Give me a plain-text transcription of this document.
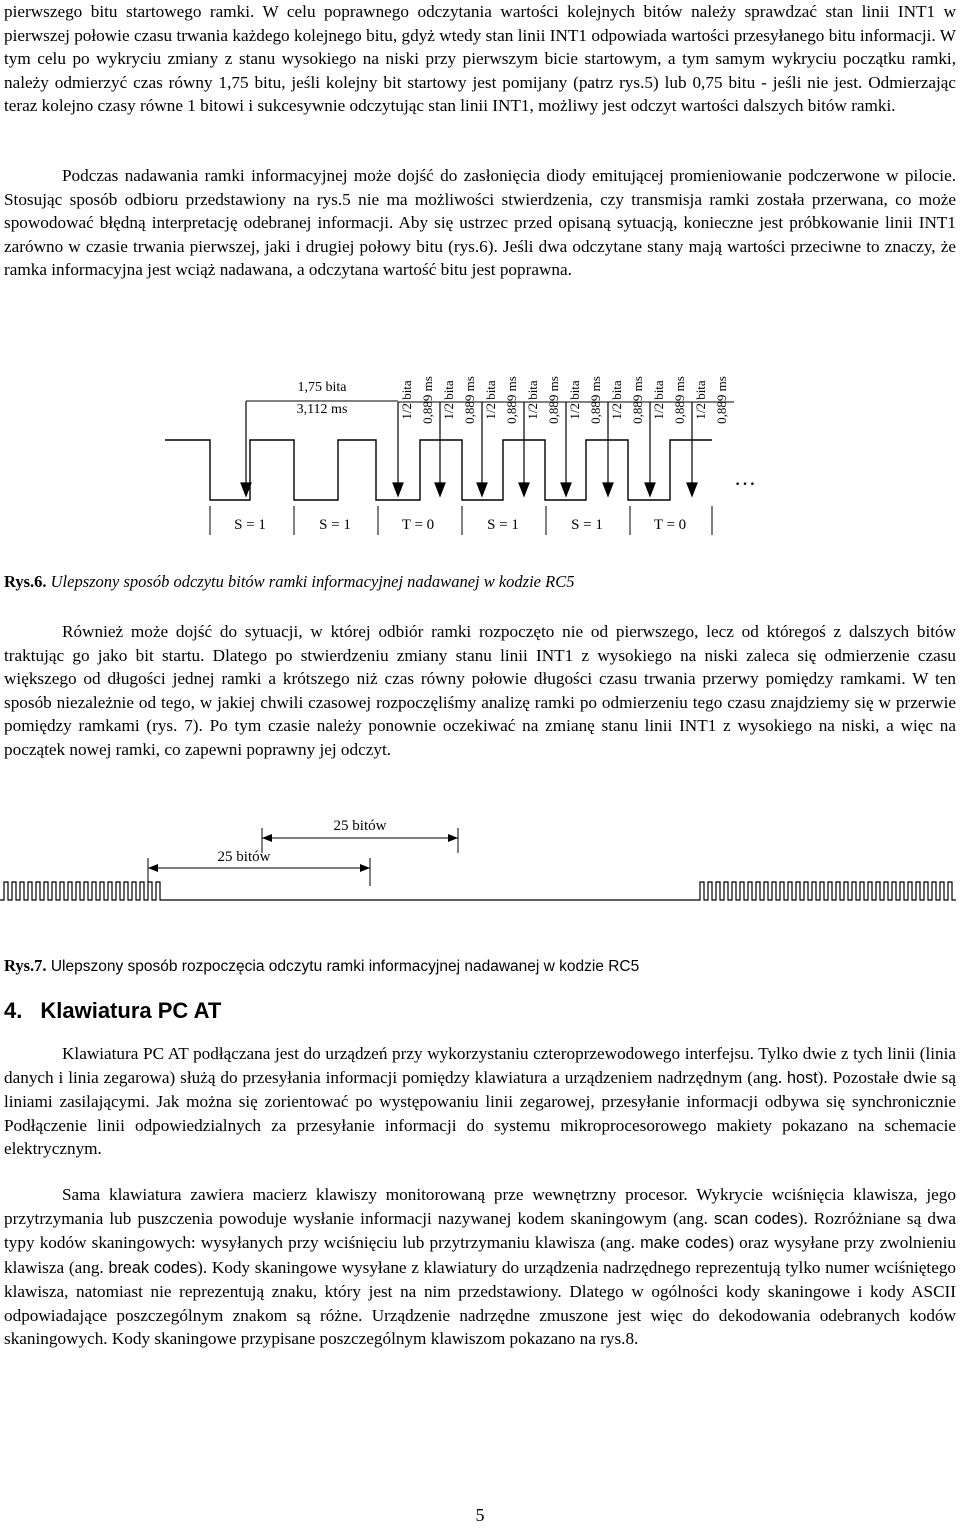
pierwszego bitu startowego ramki. W celu poprawnego odczytania wartości kolejnych bitów należy sprawdzać stan linii INT1 w pierwszej połowie czasu trwania każdego kolejnego bitu, gdyż wtedy stan linii INT1 odpowiada wartości przesyłanego bitu informacji. W tym celu po wykryciu zmiany z stanu wysokiego na niski przy pierwszym bicie startowym, a tym samym wykryciu początku ramki, należy odmierzyć czas równy 1,75 bitu, jeśli kolejny bit startowy jest pomijany (patrz rys.5) lub 0,75 bitu - jeśli nie jest. Odmierzając teraz kolejno czasy równe 1 bitowi i sukcesywnie odczytując stan linii INT1, możliwy jest odczyt wartości dalszych bitów ramki.

Podczas nadawania ramki informacyjnej może dojść do zasłonięcia diody emitującej promieniowanie podczerwone w pilocie. Stosując sposób odbioru przedstawiony na rys.5 nie ma możliwości stwierdzenia, czy transmisja ramki została przerwana, co może spowodować błędną interpretację odebranej informacji. Aby się ustrzec przed opisaną sytuacją, konieczne jest próbkowanie linii INT1 zarówno w czasie trwania pierwszej, jaki i drugiej połowy bitu (rys.6). Jeśli dwa odczytane stany mają wartości przeciwne to znaczy, że ramka informacyjna jest wciąż nadawana, a odczytana wartość bitu jest poprawna.

1,75 bita
3,112 ms	1/2 bita 0,889 ms 1/2 bita 0,889 ms 1/2 bita 0,889 ms 1/2 bita 0,889 ms 1/2 bita 0,889 ms 1/2 bita 0,889 ms 1/2 bita 0,889 ms 1/2 bita 0,889 ms
…
S = 1	S = 1	T = 0	S = 1	S = 1	T = 0

Rys.6. Ulepszony sposób odczytu bitów ramki informacyjnej nadawanej w kodzie RC5

Również może dojść do sytuacji, w której odbiór ramki rozpoczęto nie od pierwszego, lecz od któregoś z dalszych bitów traktując go jako bit startu. Dlatego po stwierdzeniu zmiany stanu linii INT1 z wysokiego na niski zaleca się odmierzenie czasu większego od długości jednej ramki a krótszego niż czas równy połowie długości czasu trwania przerwy pomiędzy ramkami. W ten sposób niezależnie od tego, w jakiej chwili czasowej rozpoczęliśmy analizę ramki po odmierzeniu tego czasu znajdziemy się w przerwie pomiędzy ramkami (rys. 7). Po tym czasie należy ponownie oczekiwać na zmianę stanu linii INT1 z wysokiego na niski, a więc na początek nowej ramki, co zapewni poprawny jej odczyt.

25 bitów
25 bitów

Rys.7. Ulepszony sposób rozpoczęcia odczytu ramki informacyjnej nadawanej w kodzie RC5

4. Klawiatura PC AT

Klawiatura PC AT podłączana jest do urządzeń przy wykorzystaniu czteroprzewodowego interfejsu. Tylko dwie z tych linii (linia danych i linia zegarowa) służą do przesyłania informacji pomiędzy klawiatura a urządzeniem nadrzędnym (ang. host). Pozostałe dwie są liniami zasilającymi. Jak można się zorientować po występowaniu linii zegarowej, przesyłanie informacji odbywa się synchronicznie Podłączenie linii odpowiedzialnych za przesyłanie informacji do systemu mikroprocesorowego makiety pokazano na schemacie elektrycznym.

Sama klawiatura zawiera macierz klawiszy monitorowaną prze wewnętrzny procesor. Wykrycie wciśnięcia klawisza, jego przytrzymania lub puszczenia powoduje wysłanie informacji nazywanej kodem skaningowym (ang. scan codes). Rozróżniane są dwa typy kodów skaningowych: wysyłanych przy wciśnięciu lub przytrzymaniu klawisza (ang. make codes) oraz wysyłane przy zwolnieniu klawisza (ang. break codes). Kody skaningowe wysyłane z klawiatury do urządzenia nadrzędnego reprezentują tylko numer wciśniętego klawisza, natomiast nie reprezentują znaku, który jest na nim przedstawiony. Dlatego w ogólności kody skaningowe i kody ASCII odpowiadające poszczególnym znakom są różne. Urządzenie nadrzędne zmuszone jest więc do dekodowania odebranych kodów skaningowych. Kody skaningowe przypisane poszczególnym klawiszom pokazano na rys.8.

5
